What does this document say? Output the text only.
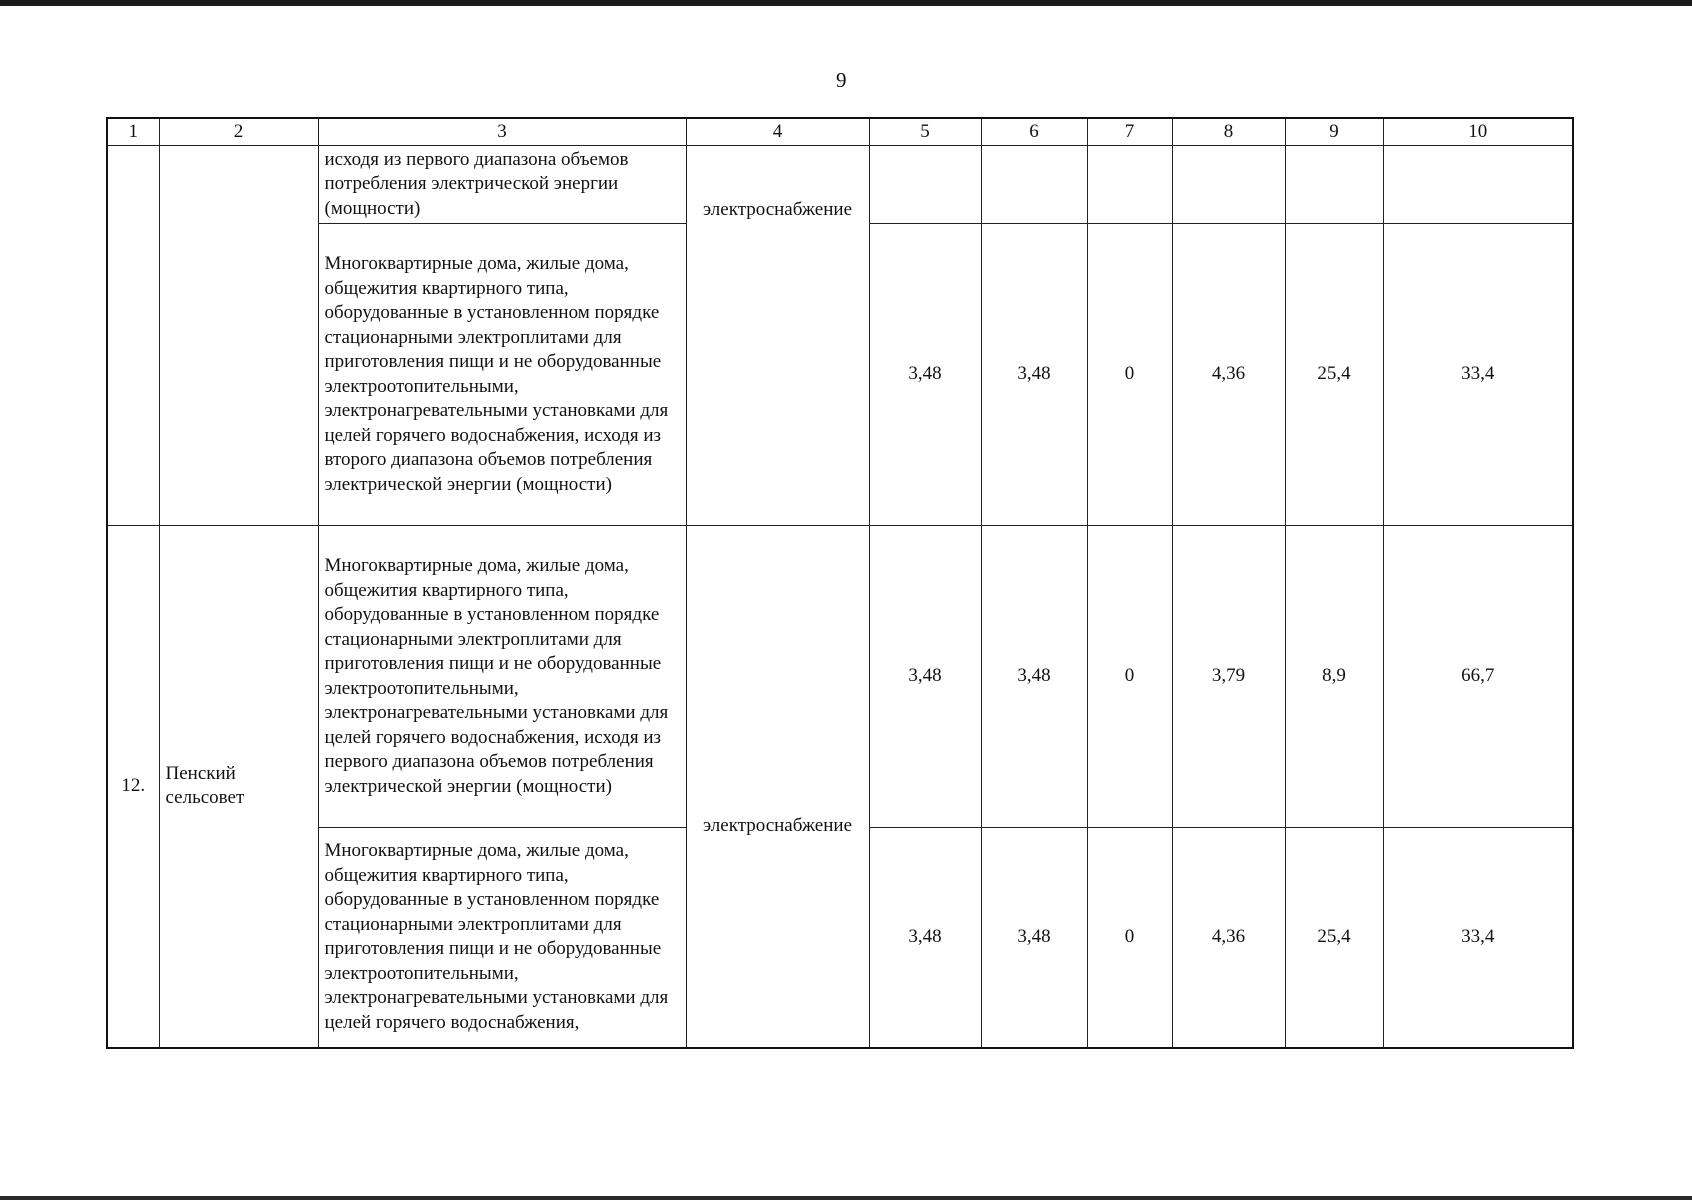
9
1	2	3	4	5	6	7	8	9	10
		исходя из первого диапазона объемов потребления электрической энергии (мощности)	электроснабжение						
		Многоквартирные дома, жилые дома, общежития квартирного типа, оборудованные в установленном порядке стационарными электроплитами для приготовления пищи и не оборудованные электроотопительными, электронагревательными установками для целей горячего водоснабжения, исходя из второго диапазона объемов потребления электрической энергии (мощности)		3,48	3,48	0	4,36	25,4	33,4
12.	Пенский сельсовет	Многоквартирные дома, жилые дома, общежития квартирного типа, оборудованные в установленном порядке стационарными электроплитами для приготовления пищи и не оборудованные электроотопительными, электронагревательными установками для целей горячего водоснабжения, исходя из первого диапазона объемов потребления электрической энергии (мощности)	электроснабжение	3,48	3,48	0	3,79	8,9	66,7
		Многоквартирные дома, жилые дома, общежития квартирного типа, оборудованные в установленном порядке стационарными электроплитами для приготовления пищи и не оборудованные электроотопительными, электронагревательными установками для целей горячего водоснабжения,		3,48	3,48	0	4,36	25,4	33,4
